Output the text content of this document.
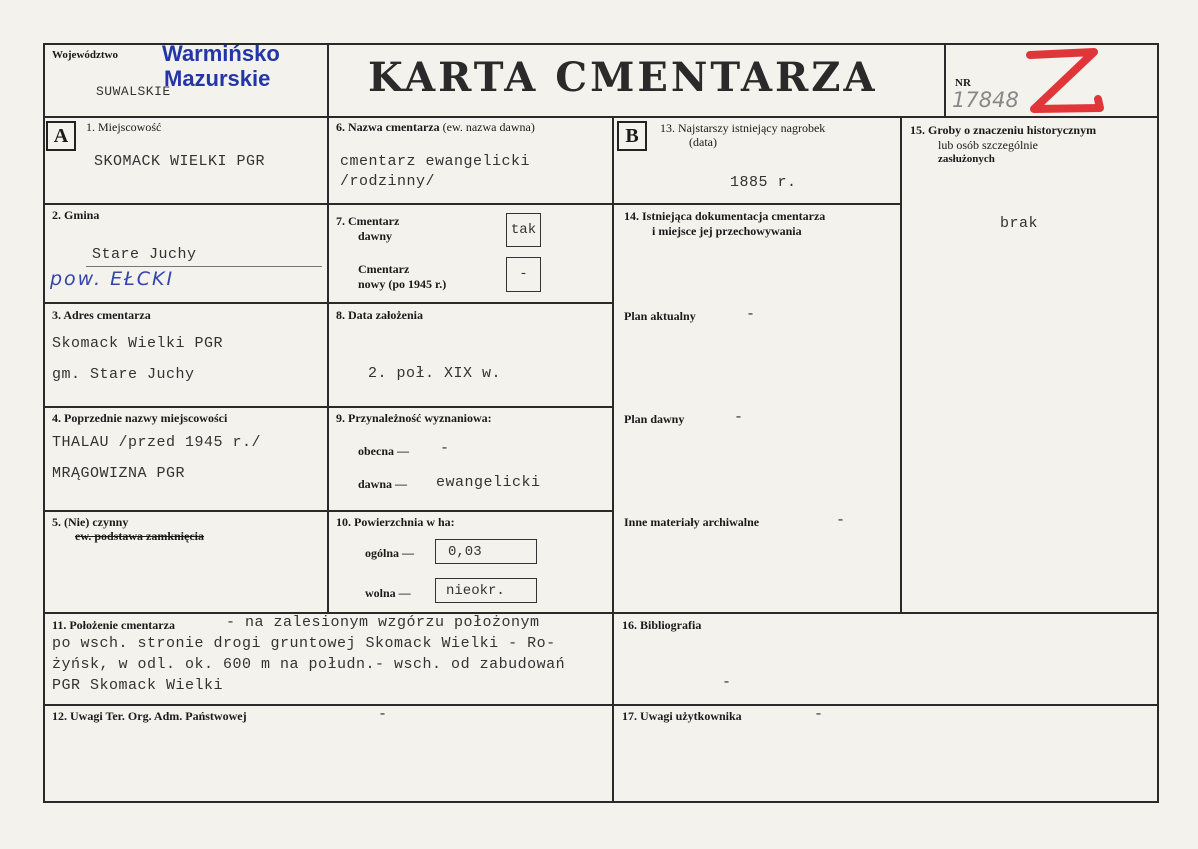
Województwo
SUWALSKIE
Warmińsko
Mazurskie KARTA CMENTARZA	NR
17848
A	B
1. Miejscowość
SKOMACK WIELKI PGR
2. Gmina
Stare Juchy
pow. EŁCKI
3. Adres cmentarza
Skomack Wielki PGR
gm. Stare Juchy
4. Poprzednie nazwy miejscowości
THALAU /przed 1945 r./
MRĄGOWIZNA PGR
5. (Nie) czynny
ew. podstawa zamknięcia
6. Nazwa cmentarza (ew. nazwa dawna)
cmentarz ewangelicki
/rodzinny/
7. Cmentarz
dawny	tak
Cmentarz
nowy (po 1945 r.)
-
8. Data założenia
2. poł. XIX w.
9. Przynależność wyznaniowa:
obecna — -
dawna — ewangelicki
10. Powierzchnia w ha:
ogólna —	0,03
wolna —	nieokr.
11. Położenie cmentarza	- na zalesionym wzgórzu położonym
po wsch. stronie drogi gruntowej Skomack Wielki - Ro-
żyńsk, w odl. ok. 600 m na połudn.- wsch. od zabudowań
PGR Skomack Wielki
12. Uwagi Ter. Org. Adm. Państwowej	-
13. Najstarszy istniejący nagrobek
(data)
1885 r.
14. Istniejąca dokumentacja cmentarza
i miejsce jej przechowywania
Plan aktualny	-
Plan dawny	-
Inne materiały archiwalne	-
15. Groby o znaczeniu historycznym
lub osób szczególnie
zasłużonych
brak
16. Bibliografia
-
17. Uwagi użytkownika	-
